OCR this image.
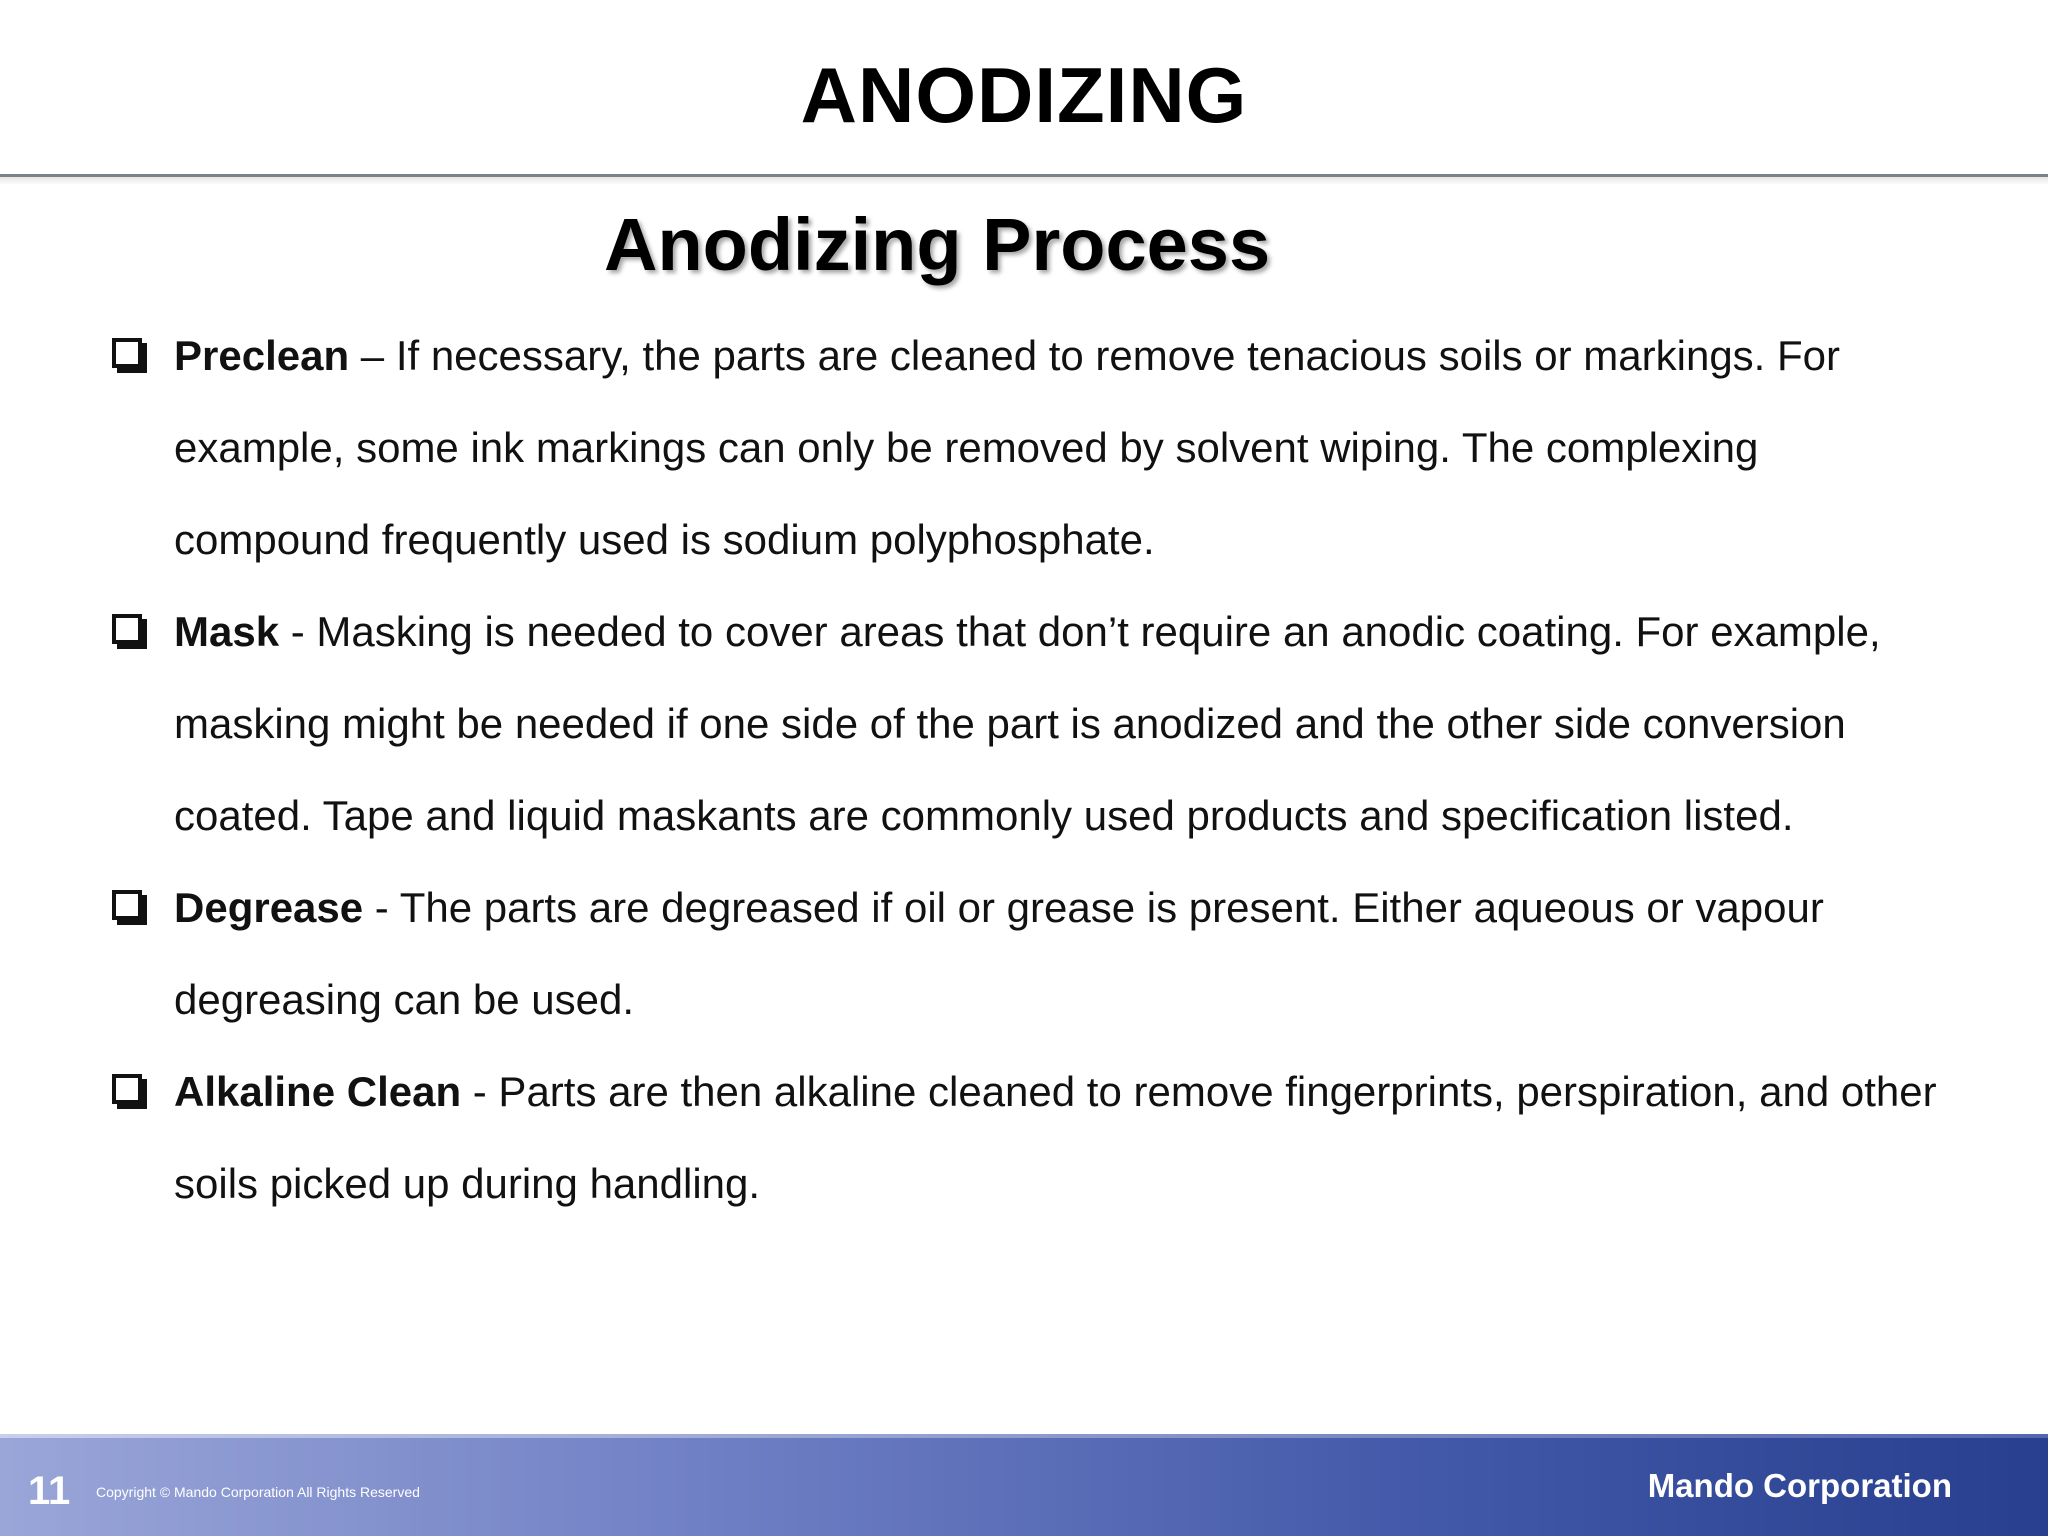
ANODIZING
Anodizing Process
Preclean – If necessary, the parts are cleaned to remove tenacious soils or markings. For example, some ink markings can only be removed by solvent wiping. The complexing compound frequently used is sodium polyphosphate.
Mask - Masking is needed to cover areas that don’t require an anodic coating. For example, masking might be needed if one side of the part is anodized and the other side conversion coated. Tape and liquid maskants are commonly used products and specification listed.
Degrease - The parts are degreased if oil or grease is present. Either aqueous or vapour degreasing can be used.
Alkaline Clean - Parts are then alkaline cleaned to remove fingerprints, perspiration, and other soils picked up during handling.
11 Copyright © Mando Corporation All Rights Reserved	Mando Corporation
